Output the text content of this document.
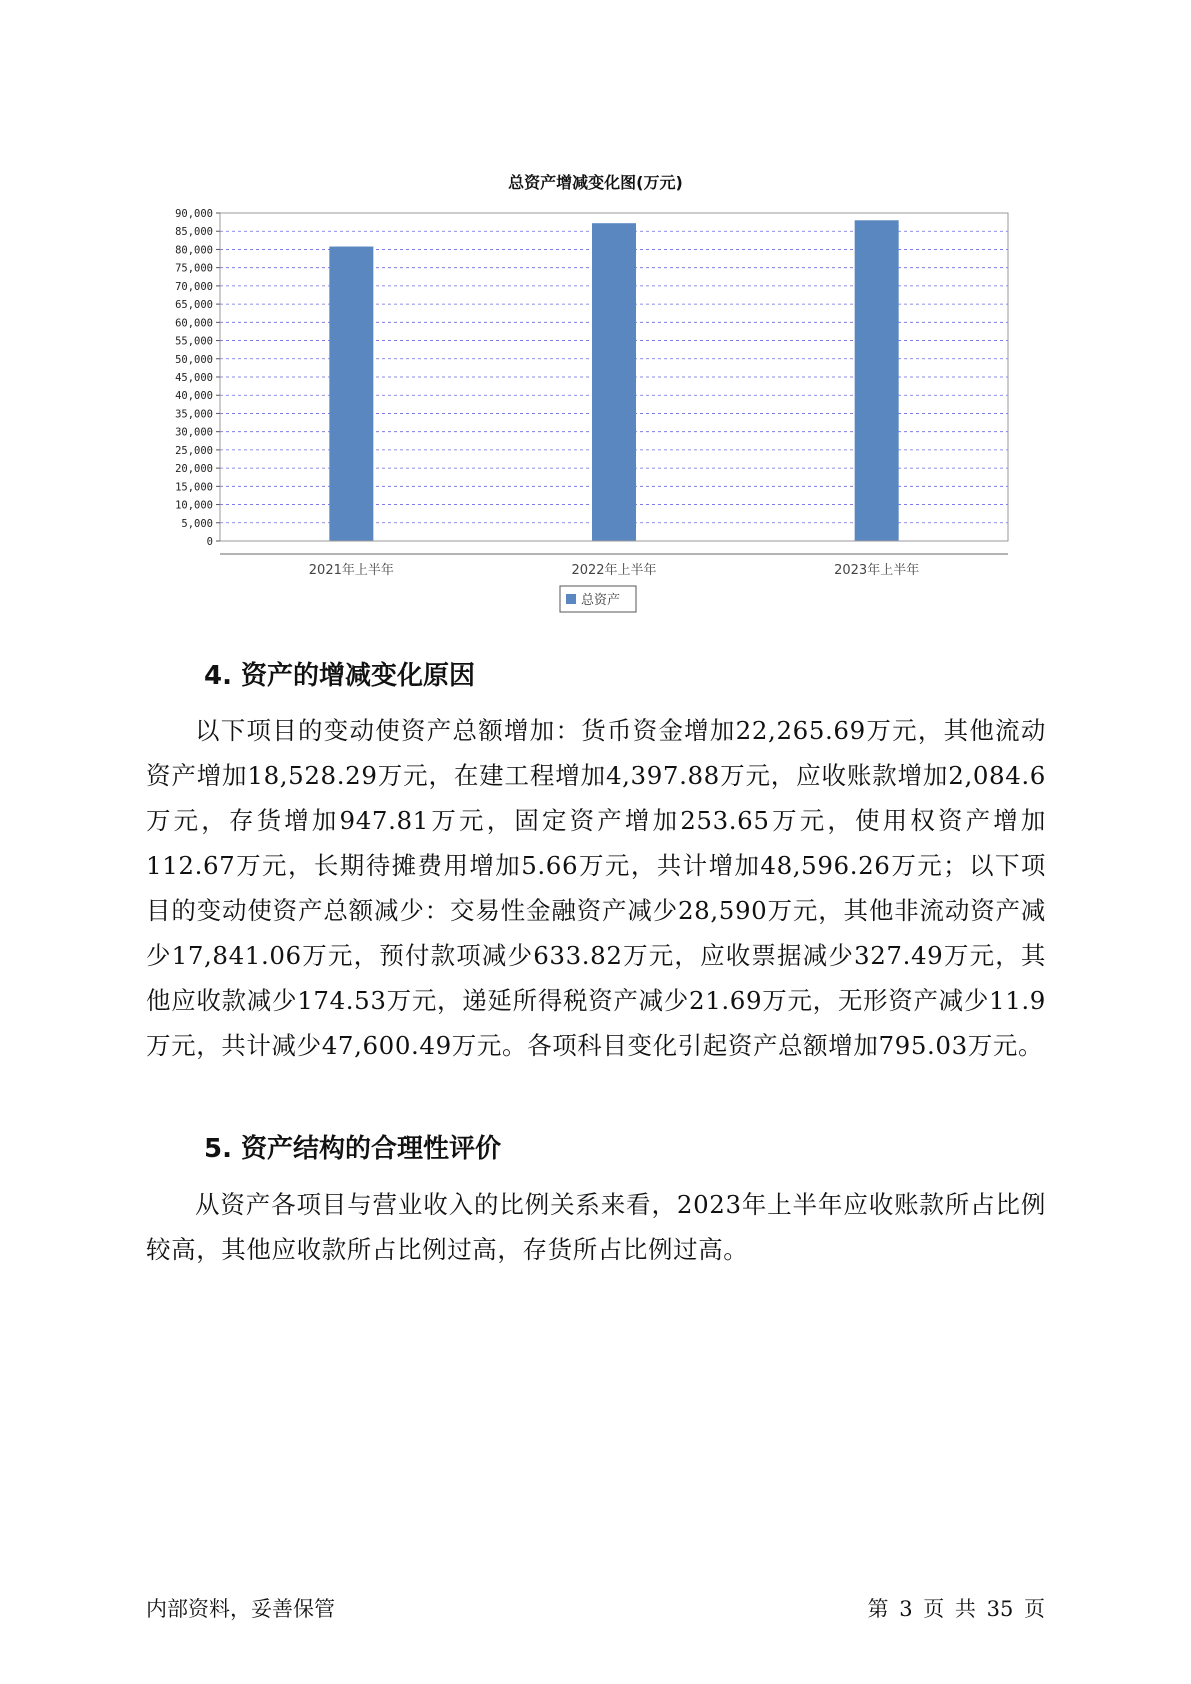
总资产增减变化图(万元)
0
5,000
10,000
15,000
20,000
25,000
30,000
35,000
40,000
45,000
50,000
55,000
60,000
65,000
70,000
75,000
80,000
85,000
90,000
2021年上半年	2022年上半年	2023年上半年
总资产
4. 资产的增减变化原因

以下项目的变动使资产总额增加：货币资金增加22,265.69万元，其他流动资产增加18,528.29万元，在建工程增加4,397.88万元，应收账款增加2,084.6万元，存货增加947.81万元，固定资产增加253.65万元，使用权资产增加112.67万元，长期待摊费用增加5.66万元，共计增加48,596.26万元；以下项目的变动使资产总额减少：交易性金融资产减少28,590万元，其他非流动资产减少17,841.06万元，预付款项减少633.82万元，应收票据减少327.49万元，其他应收款减少174.53万元，递延所得税资产减少21.69万元，无形资产减少11.9万元，共计减少47,600.49万元。各项科目变化引起资产总额增加795.03万元。

5. 资产结构的合理性评价

从资产各项目与营业收入的比例关系来看，2023年上半年应收账款所占比例较高，其他应收款所占比例过高，存货所占比例过高。

内部资料，妥善保管	第 3 页 共 35 页
